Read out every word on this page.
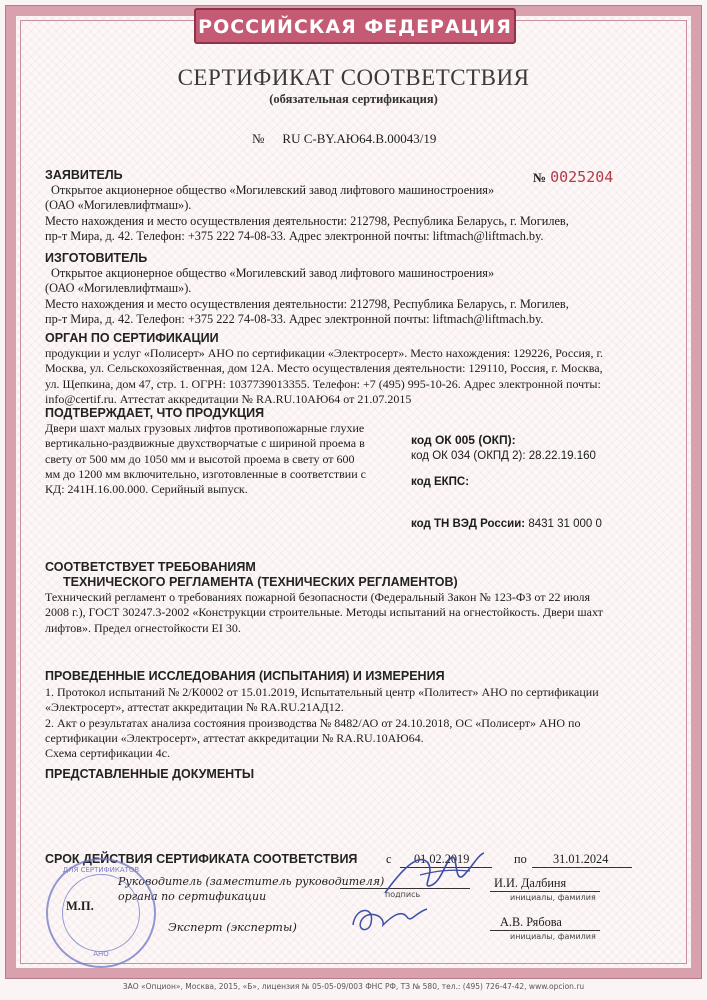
РОССИЙСКАЯ ФЕДЕРАЦИЯ
СЕРТИФИКАТ СООТВЕТСТВИЯ
(обязательная сертификация)
№ RU C-BY.АЮ64.В.00043/19
ЗАЯВИТЕЛЬ	№ 0025204
Открытое акционерное общество «Могилевский завод лифтового машиностроения»
(ОАО «Могилевлифтмаш»).
Место нахождения и место осуществления деятельности: 212798, Республика Беларусь, г. Могилев,
пр-т Мира, д. 42. Телефон: +375 222 74-08-33. Адрес электронной почты: liftmach@liftmach.by.
ИЗГОТОВИТЕЛЬ
Открытое акционерное общество «Могилевский завод лифтового машиностроения»
(ОАО «Могилевлифтмаш»).
Место нахождения и место осуществления деятельности: 212798, Республика Беларусь, г. Могилев,
пр-т Мира, д. 42. Телефон: +375 222 74-08-33. Адрес электронной почты: liftmach@liftmach.by.
ОРГАН ПО СЕРТИФИКАЦИИ
продукции и услуг «Полисерт» АНО по сертификации «Электросерт». Место нахождения: 129226, Россия, г.
Москва, ул. Сельскохозяйственная, дом 12А. Место осуществления деятельности: 129110, Россия, г. Москва,
ул. Щепкина, дом 47, стр. 1. ОГРН: 1037739013355. Телефон: +7 (495) 995-10-26. Адрес электронной почты:
info@certif.ru. Аттестат аккредитации № RA.RU.10АЮ64 от 21.07.2015
ПОДТВЕРЖДАЕТ, ЧТО ПРОДУКЦИЯ
Двери шахт малых грузовых лифтов противопожарные глухие
вертикально-раздвижные двухстворчатые с шириной проема в
свету от 500 мм до 1050 мм и высотой проема в свету от 600
мм до 1200 мм включительно, изготовленные в соответствии с
КД: 241Н.16.00.000. Серийный выпуск.
код ОК 005 (ОКП):
код ОК 034 (ОКПД 2): 28.22.19.160
код ЕКПС:
код ТН ВЭД России: 8431 31 000 0
СООТВЕТСТВУЕТ ТРЕБОВАНИЯМ
ТЕХНИЧЕСКОГО РЕГЛАМЕНТА (ТЕХНИЧЕСКИХ РЕГЛАМЕНТОВ)
Технический регламент о требованиях пожарной безопасности (Федеральный Закон № 123-ФЗ от 22 июля
2008 г.), ГОСТ 30247.3-2002 «Конструкции строительные. Методы испытаний на огнестойкость. Двери шахт
лифтов». Предел огнестойкости EI 30.
ПРОВЕДЕННЫЕ ИССЛЕДОВАНИЯ (ИСПЫТАНИЯ) И ИЗМЕРЕНИЯ
1. Протокол испытаний № 2/К0002 от 15.01.2019, Испытательный центр «Политест» АНО по сертификации
«Электросерт», аттестат аккредитации № RA.RU.21АД12.
2. Акт о результатах анализа состояния производства № 8482/АО от 24.10.2018, ОС «Полисерт» АНО по
сертификации «Электросерт», аттестат аккредитации № RA.RU.10АЮ64.
Схема сертификации 4с.
ПРЕДСТАВЛЕННЫЕ ДОКУМЕНТЫ
СРОК ДЕЙСТВИЯ СЕРТИФИКАТА СООТВЕТСТВИЯ с 01.02.2019	по 31.01.2024
Руководитель (заместитель руководителя)
органа по сертификации	подпись
И.И. Далбиня
инициалы, фамилия
М.П.
Эксперт (эксперты)	А.В. Рябова
инициалы, фамилия
ДЛЯ СЕРТИФИКАТОВ
АНО
ЗАО «Опцион», Москва, 2015, «Б», лицензия № 05-05-09/003 ФНС РФ, ТЗ № 580, тел.: (495) 726-47-42, www.opcion.ru
